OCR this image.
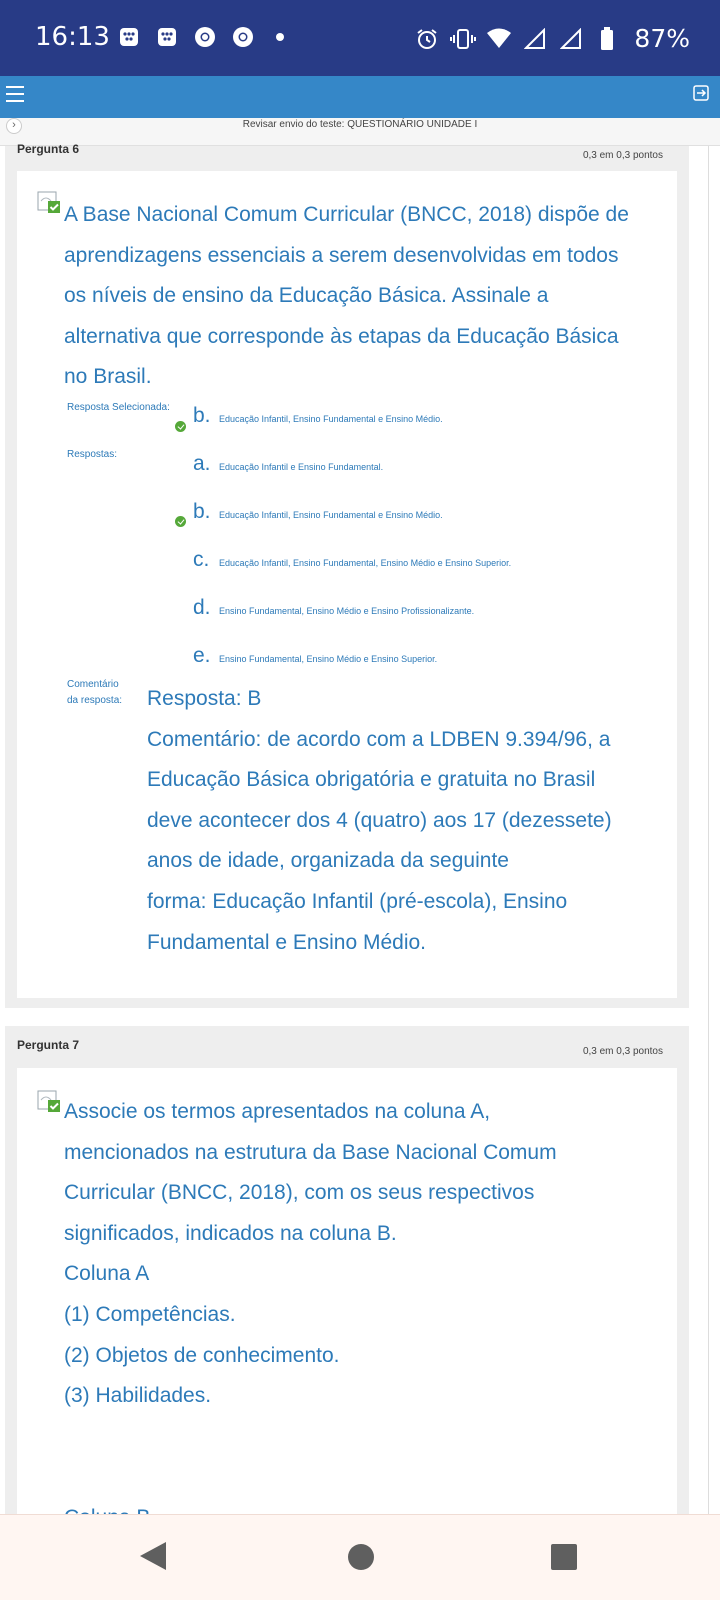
16:13	87%
›	Revisar envio do teste: QUESTIONÁRIO UNIDADE I
Pergunta 6	0,3 em 0,3 pontos
A Base Nacional Comum Curricular (BNCC, 2018) dispõe de
aprendizagens essenciais a serem desenvolvidas em todos
os níveis de ensino da Educação Básica. Assinale a
alternativa que corresponde às etapas da Educação Básica
no Brasil.
Resposta Selecionada: b. Educação Infantil, Ensino Fundamental e Ensino Médio.
Respostas:	a. Educação Infantil e Ensino Fundamental.
b. Educação Infantil, Ensino Fundamental e Ensino Médio.
c.	Educação Infantil, Ensino Fundamental, Ensino Médio e Ensino Superior.
d. Ensino Fundamental, Ensino Médio e Ensino Profissionalizante.
e. Ensino Fundamental, Ensino Médio e Ensino Superior.
Comentário
da resposta: Resposta: B
Comentário: de acordo com a LDBEN 9.394/96, a
Educação Básica obrigatória e gratuita no Brasil
deve acontecer dos 4 (quatro) aos 17 (dezessete)
anos de idade, organizada da seguinte
forma: Educação Infantil (pré-escola), Ensino
Fundamental e Ensino Médio.
Pergunta 7	0,3 em 0,3 pontos
Associe os termos apresentados na coluna A,
mencionados na estrutura da Base Nacional Comum
Curricular (BNCC, 2018), com os seus respectivos
significados, indicados na coluna B.
Coluna A
(1) Competências.
(2) Objetos de conhecimento.
(3) Habilidades.
